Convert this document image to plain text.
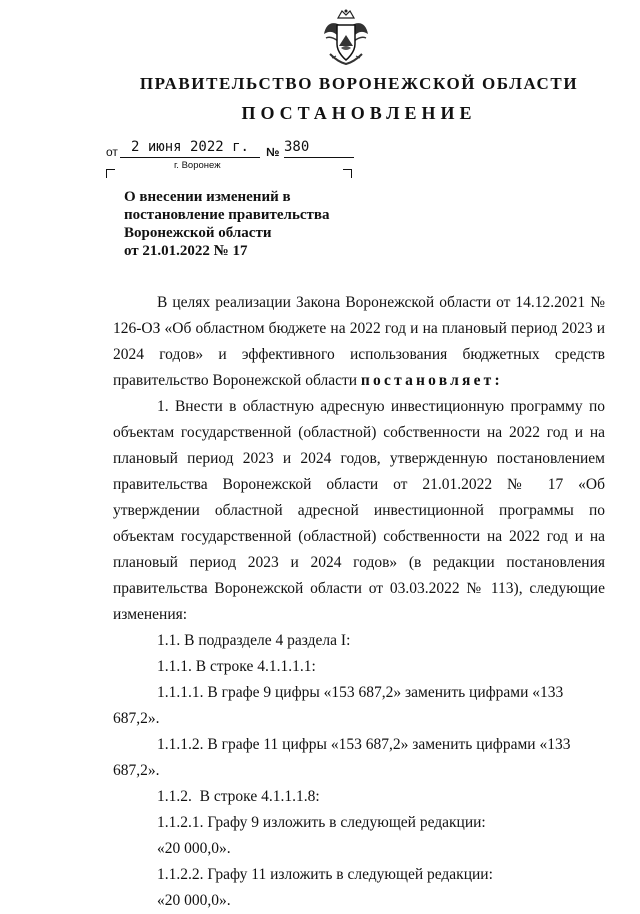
ПРАВИТЕЛЬСТВО ВОРОНЕЖСКОЙ ОБЛАСТИ
ПОСТАНОВЛЕНИЕ
от 2 июня 2022 г.	№ 380
г. Воронеж
О внесении изменений в
постановление правительства
Воронежской области
от 21.01.2022 № 17

В целях реализации Закона Воронежской области от 14.12.2021 № 126-ОЗ «Об областном бюджете на 2022 год и на плановый период 2023 и 2024 годов» и эффективного использования бюджетных средств правительство Воронежской области постановляет:

1. Внести в областную адресную инвестиционную программу по объектам государственной (областной) собственности на 2022 год и на плановый период 2023 и 2024 годов, утвержденную постановлением правительства Воронежской области от 21.01.2022 № 17 «Об утверждении областной адресной инвестиционной программы по объектам государственной (областной) собственности на 2022 год и на плановый период 2023 и 2024 годов» (в редакции постановления правительства Воронежской области от 03.03.2022 № 113), следующие изменения:

1.1. В подразделе 4 раздела I:

1.1.1. В строке 4.1.1.1.1:

1.1.1.1. В графе 9 цифры «153 687,2» заменить цифрами «133 687,2».

1.1.1.2. В графе 11 цифры «153 687,2» заменить цифрами «133 687,2».

1.1.2.  В строке 4.1.1.1.8:

1.1.2.1. Графу 9 изложить в следующей редакции:

«20 000,0».

1.1.2.2. Графу 11 изложить в следующей редакции:

«20 000,0».
